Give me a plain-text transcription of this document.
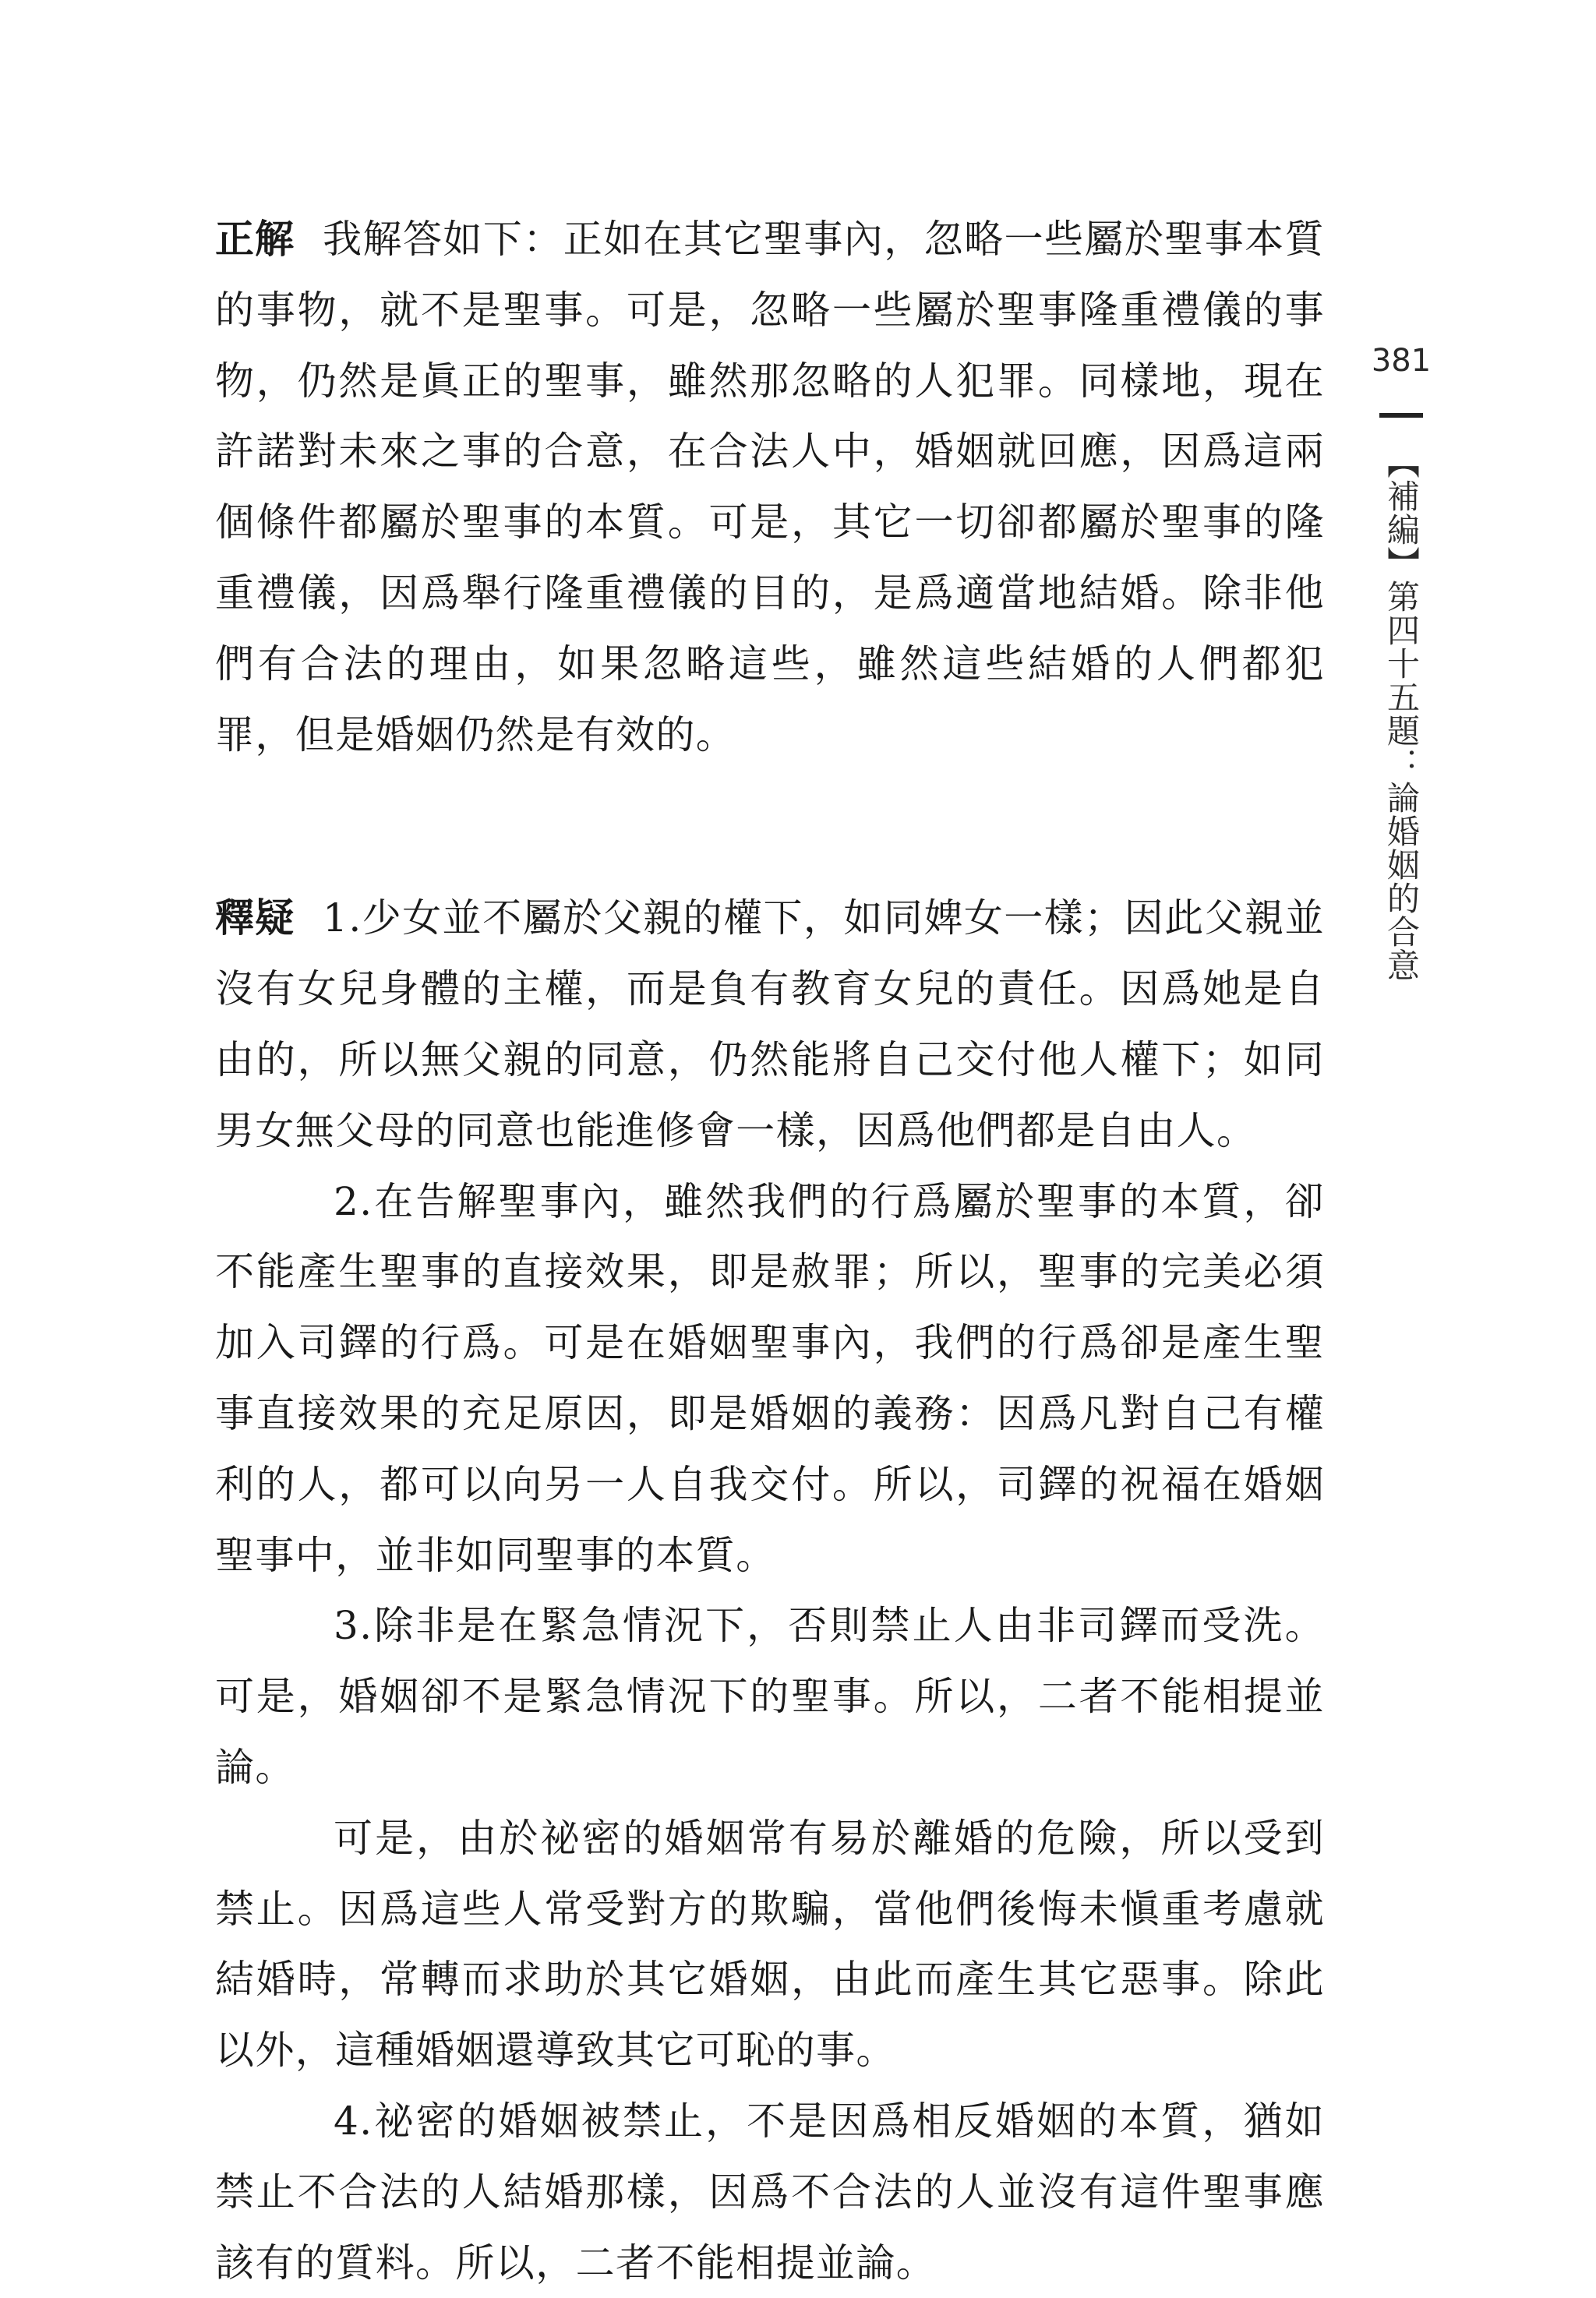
正解 我解答如下：正如在其它聖事內，忽略一些屬於聖事本質的事物，就不是聖事。可是，忽略一些屬於聖事隆重禮儀的事物，仍然是眞正的聖事，雖然那忽略的人犯罪。同樣地，現在許諾對未來之事的合意，在合法人中，婚姻就回應，因爲這兩個條件都屬於聖事的本質。可是，其它一切卻都屬於聖事的隆重禮儀，因爲舉行隆重禮儀的目的，是爲適當地結婚。除非他們有合法的理由，如果忽略這些，雖然這些結婚的人們都犯罪，但是婚姻仍然是有效的。

釋疑 1.少女並不屬於父親的權下，如同婢女一樣；因此父親並沒有女兒身體的主權，而是負有教育女兒的責任。因爲她是自由的，所以無父親的同意，仍然能將自己交付他人權下；如同男女無父母的同意也能進修會一樣，因爲他們都是自由人。

2.在告解聖事內，雖然我們的行爲屬於聖事的本質，卻不能產生聖事的直接效果，即是赦罪；所以，聖事的完美必須加入司鐸的行爲。可是在婚姻聖事內，我們的行爲卻是產生聖事直接效果的充足原因，即是婚姻的義務：因爲凡對自己有權利的人，都可以向另一人自我交付。所以，司鐸的祝福在婚姻聖事中，並非如同聖事的本質。

3.除非是在緊急情況下，否則禁止人由非司鐸而受洗。可是，婚姻卻不是緊急情況下的聖事。所以，二者不能相提並論。

可是，由於祕密的婚姻常有易於離婚的危險，所以受到禁止。因爲這些人常受對方的欺騙，當他們後悔未愼重考慮就結婚時，常轉而求助於其它婚姻，由此而產生其它惡事。除此以外，這種婚姻還導致其它可恥的事。

4.祕密的婚姻被禁止，不是因爲相反婚姻的本質，猶如禁止不合法的人結婚那樣，因爲不合法的人並沒有這件聖事應該有的質料。所以，二者不能相提並論。

381
【補編】第四十五題：論婚姻的合意
